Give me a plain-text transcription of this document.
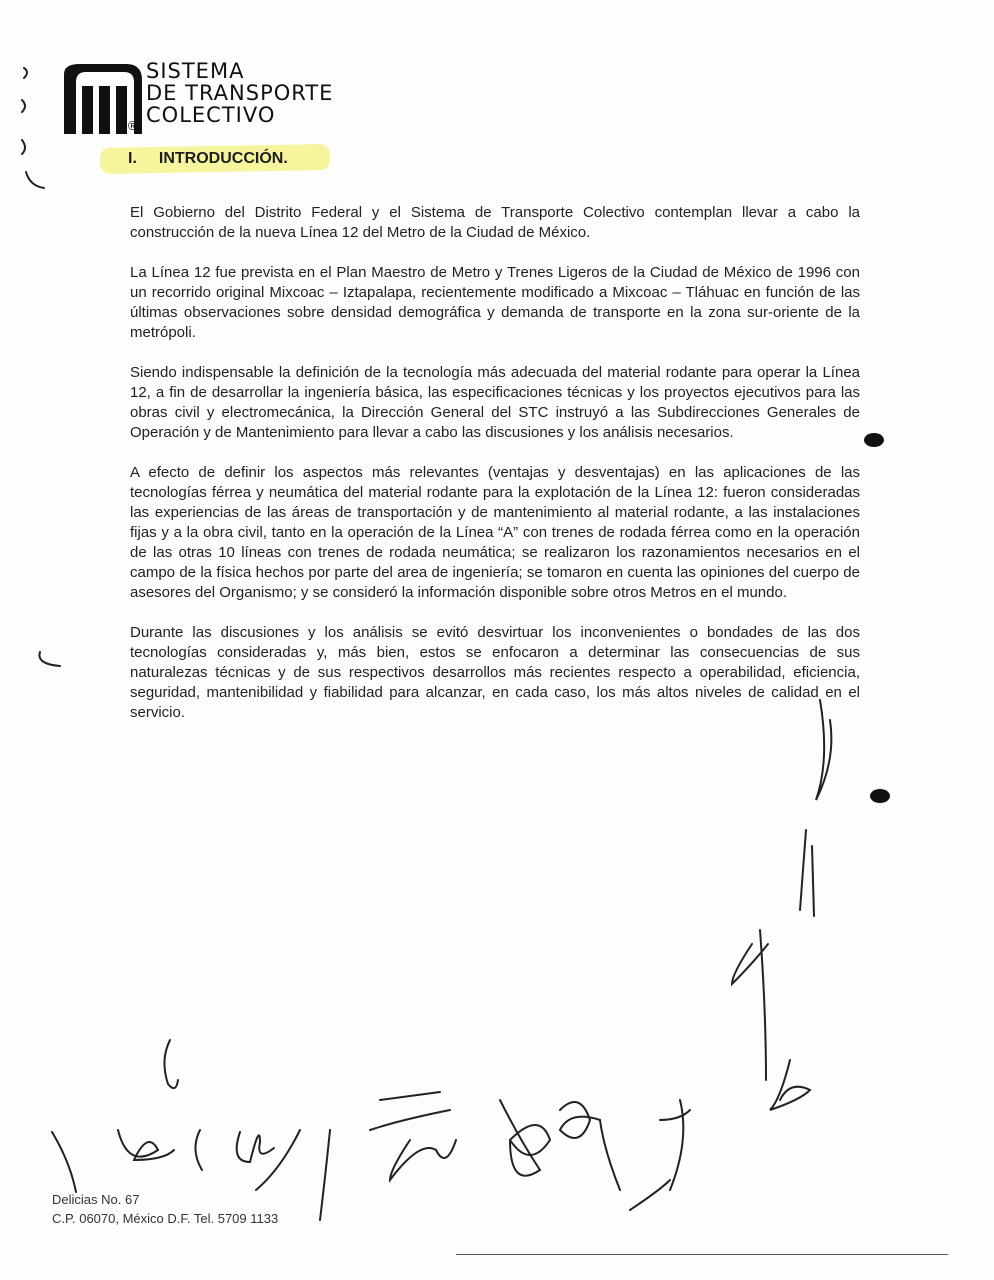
®
SISTEMA
DE TRANSPORTE
COLECTIVO
I. INTRODUCCIÓN.

El Gobierno del Distrito Federal y el Sistema de Transporte Colectivo contemplan llevar a cabo la construcción de la nueva Línea 12 del Metro de la Ciudad de México.

La Línea 12 fue prevista en el Plan Maestro de Metro y Trenes Ligeros de la Ciudad de México de 1996 con un recorrido original Mixcoac – Iztapalapa, recientemente modificado a Mixcoac – Tláhuac en función de las últimas observaciones sobre densidad demográfica y demanda de transporte en la zona sur-oriente de la metrópoli.

Siendo indispensable la definición de la tecnología más adecuada del material rodante para operar la Línea 12, a fin de desarrollar la ingeniería básica, las especificaciones técnicas y los proyectos ejecutivos para las obras civil y electromecánica, la Dirección General del STC instruyó a las Subdirecciones Generales de Operación y de Mantenimiento para llevar a cabo las discusiones y los análisis necesarios.

A efecto de definir los aspectos más relevantes (ventajas y desventajas) en las aplicaciones de las tecnologías férrea y neumática del material rodante para la explotación de la Línea 12: fueron consideradas las experiencias de las áreas de transportación y de mantenimiento al material rodante, a las instalaciones fijas y a la obra civil, tanto en la operación de la Línea “A” con trenes de rodada férrea como en la operación de las otras 10 líneas con trenes de rodada neumática; se realizaron los razonamientos necesarios en el campo de la física hechos por parte del area de ingeniería; se tomaron en cuenta las opiniones del cuerpo de asesores del Organismo; y se consideró la información disponible sobre otros Metros en el mundo.

Durante las discusiones y los análisis se evitó desvirtuar los inconvenientes o bondades de las dos tecnologías consideradas y, más bien, estos se enfocaron a determinar las consecuencias de sus naturalezas técnicas y de sus respectivos desarrollos más recientes respecto a operabilidad, eficiencia, seguridad, mantenibilidad y fiabilidad para alcanzar, en cada caso, los más altos niveles de calidad en el servicio.

Delicias No. 67
C.P. 06070, México D.F. Tel. 5709 1133
